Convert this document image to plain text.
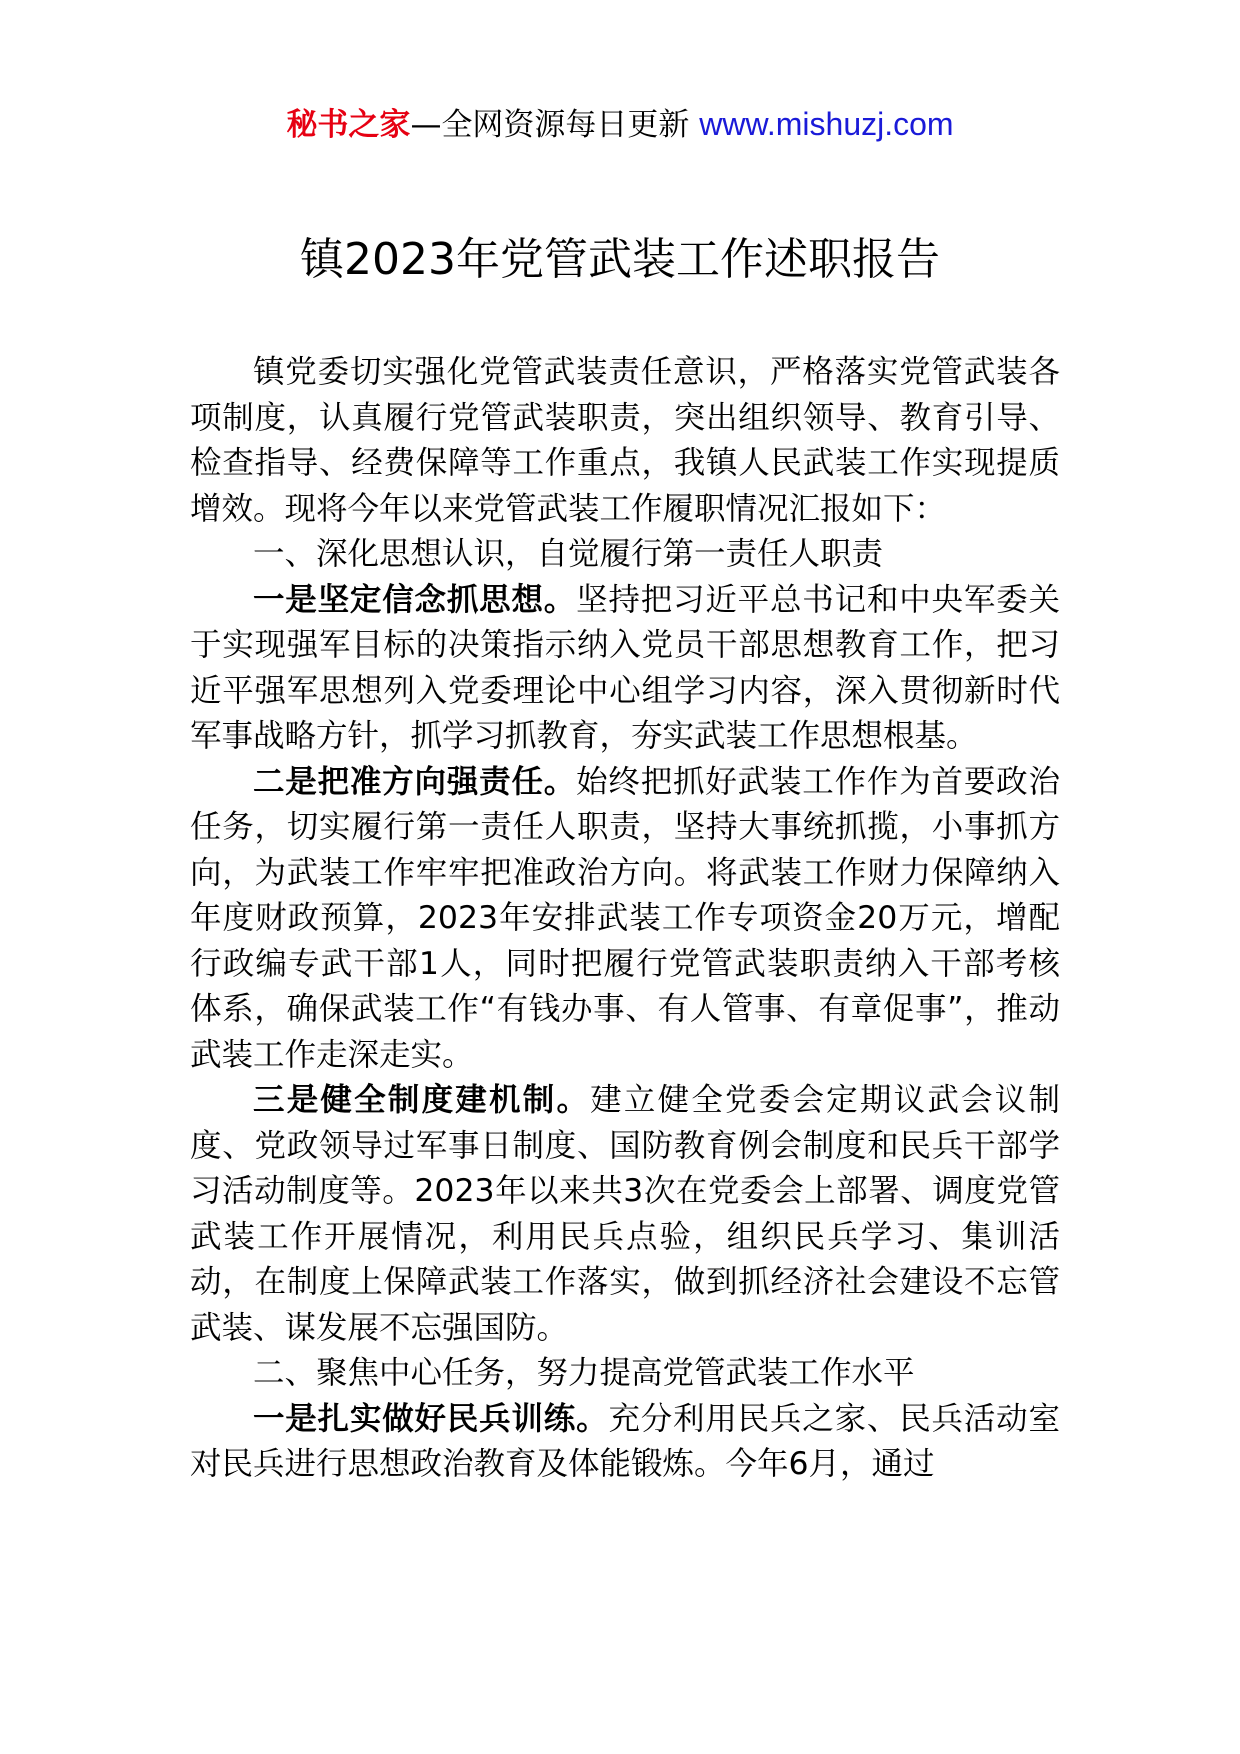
秘书之家—全网资源每日更新 www.mishuzj.com
镇2023年党管武装工作述职报告

镇党委切实强化党管武装责任意识，严格落实党管武装各项制度，认真履行党管武装职责，突出组织领导、教育引导、检查指导、经费保障等工作重点，我镇人民武装工作实现提质增效。现将今年以来党管武装工作履职情况汇报如下：

一、深化思想认识，自觉履行第一责任人职责

一是坚定信念抓思想。坚持把习近平总书记和中央军委关于实现强军目标的决策指示纳入党员干部思想教育工作，把习近平强军思想列入党委理论中心组学习内容，深入贯彻新时代军事战略方针，抓学习抓教育，夯实武装工作思想根基。

二是把准方向强责任。始终把抓好武装工作作为首要政治任务，切实履行第一责任人职责，坚持大事统抓揽，小事抓方向，为武装工作牢牢把准政治方向。将武装工作财力保障纳入年度财政预算，2023年安排武装工作专项资金20万元，增配行政编专武干部1人，同时把履行党管武装职责纳入干部考核体系，确保武装工作“有钱办事、有人管事、有章促事”，推动武装工作走深走实。

三是健全制度建机制。建立健全党委会定期议武会议制度、党政领导过军事日制度、国防教育例会制度和民兵干部学习活动制度等。2023年以来共3次在党委会上部署、调度党管武装工作开展情况，利用民兵点验，组织民兵学习、集训活动，在制度上保障武装工作落实，做到抓经济社会建设不忘管武装、谋发展不忘强国防。

二、聚焦中心任务，努力提高党管武装工作水平

一是扎实做好民兵训练。充分利用民兵之家、民兵活动室对民兵进行思想政治教育及体能锻炼。今年6月，通过
